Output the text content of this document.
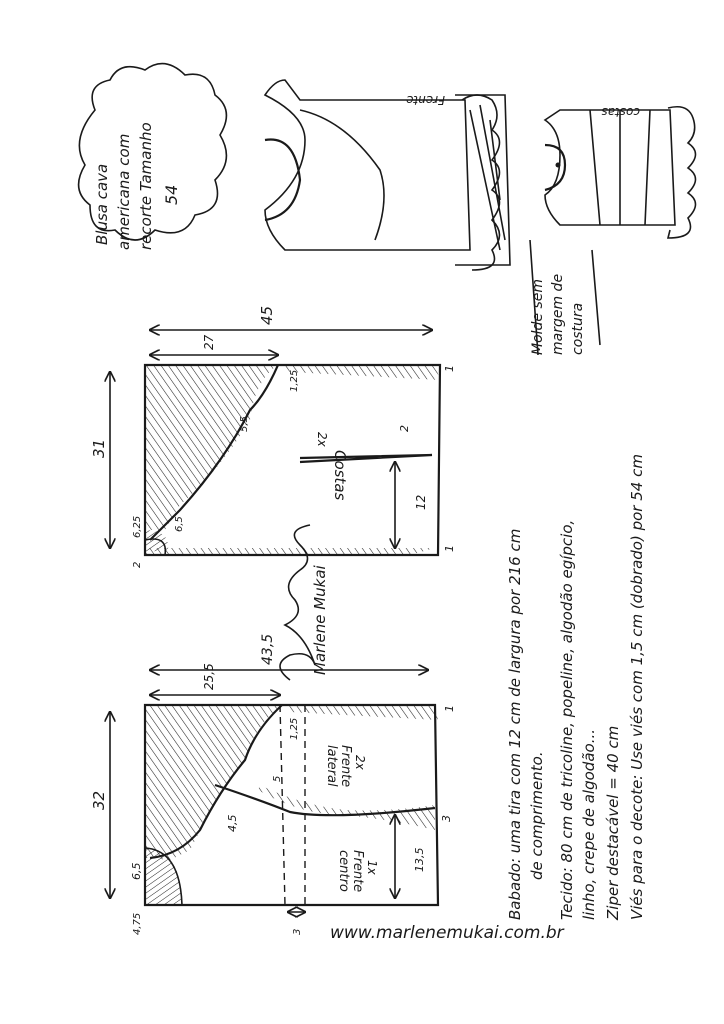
Blusa cava americana com recorte Tamanho 54
Frente
costas
Molde sem margem de costura
Costas
2x
31
45
27
6,25
2
6,5
5,5
1,25
2
12
1
1
Marlene Mukai
lateral Frente 2x
centro Frente 1x
32
43,5
25,5
6,5
4,75
5
1,25
4,5
13,5
3
1
3
Babado: uma tira com 12 cm de largura por 216 cm de comprimento. Tecido: 80 cm de tricoline, popeline, algodão egípcio, linho, crepe de algodão... Ziper destacável = 40 cm Viés para o decote: Use viés com 1,5 cm (dobrado) por 54 cm
www.marlenemukai.com.br
